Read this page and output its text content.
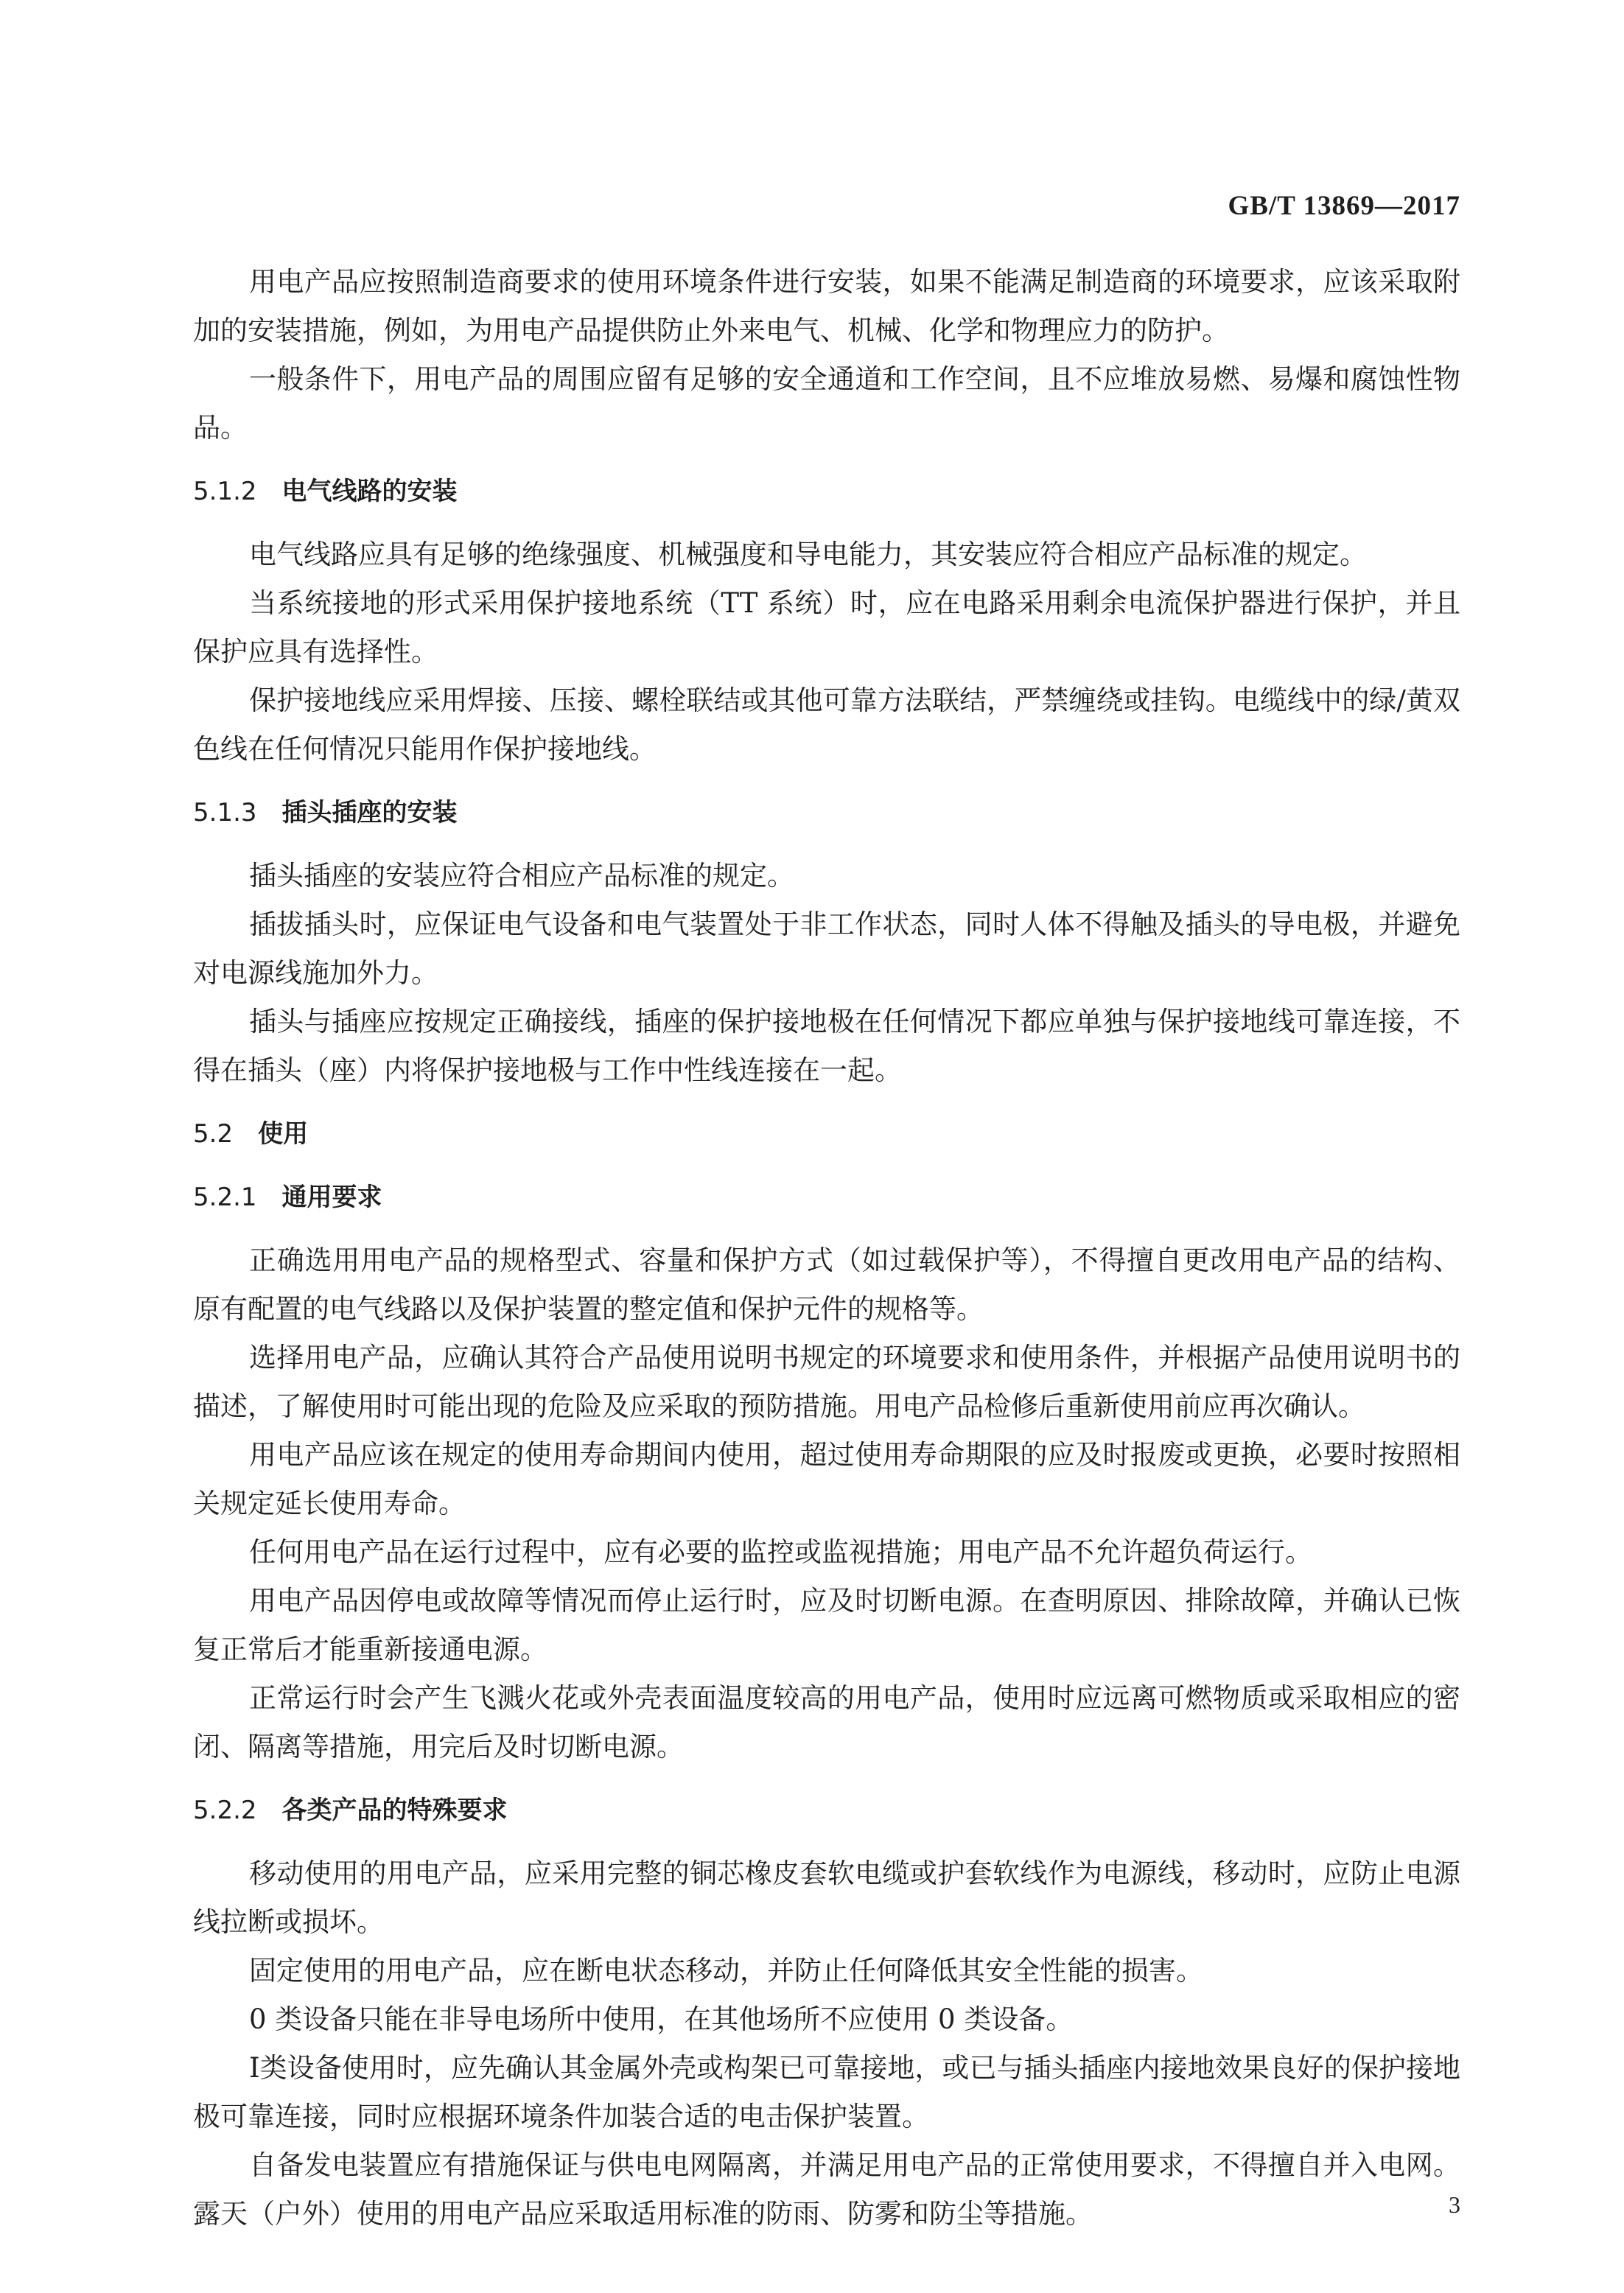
GB/T 13869—2017

用电产品应按照制造商要求的使用环境条件进行安装，如果不能满足制造商的环境要求，应该采取附加的安装措施，例如，为用电产品提供防止外来电气、机械、化学和物理应力的防护。

一般条件下，用电产品的周围应留有足够的安全通道和工作空间，且不应堆放易燃、易爆和腐蚀性物品。

5.1.2 电气线路的安装

电气线路应具有足够的绝缘强度、机械强度和导电能力，其安装应符合相应产品标准的规定。

当系统接地的形式采用保护接地系统（TT 系统）时，应在电路采用剩余电流保护器进行保护，并且保护应具有选择性。

保护接地线应采用焊接、压接、螺栓联结或其他可靠方法联结，严禁缠绕或挂钩。电缆线中的绿/黄双色线在任何情况只能用作保护接地线。

5.1.3 插头插座的安装

插头插座的安装应符合相应产品标准的规定。

插拔插头时，应保证电气设备和电气装置处于非工作状态，同时人体不得触及插头的导电极，并避免对电源线施加外力。

插头与插座应按规定正确接线，插座的保护接地极在任何情况下都应单独与保护接地线可靠连接，不得在插头（座）内将保护接地极与工作中性线连接在一起。

5.2 使用
5.2.1 通用要求

正确选用用电产品的规格型式、容量和保护方式（如过载保护等），不得擅自更改用电产品的结构、原有配置的电气线路以及保护装置的整定值和保护元件的规格等。

选择用电产品，应确认其符合产品使用说明书规定的环境要求和使用条件，并根据产品使用说明书的描述，了解使用时可能出现的危险及应采取的预防措施。用电产品检修后重新使用前应再次确认。

用电产品应该在规定的使用寿命期间内使用，超过使用寿命期限的应及时报废或更换，必要时按照相关规定延长使用寿命。

任何用电产品在运行过程中，应有必要的监控或监视措施；用电产品不允许超负荷运行。

用电产品因停电或故障等情况而停止运行时，应及时切断电源。在查明原因、排除故障，并确认已恢复正常后才能重新接通电源。

正常运行时会产生飞溅火花或外壳表面温度较高的用电产品，使用时应远离可燃物质或采取相应的密闭、隔离等措施，用完后及时切断电源。

5.2.2 各类产品的特殊要求

移动使用的用电产品，应采用完整的铜芯橡皮套软电缆或护套软线作为电源线，移动时，应防止电源线拉断或损坏。

固定使用的用电产品，应在断电状态移动，并防止任何降低其安全性能的损害。

0 类设备只能在非导电场所中使用，在其他场所不应使用 0 类设备。

Ⅰ类设备使用时，应先确认其金属外壳或构架已可靠接地，或已与插头插座内接地效果良好的保护接地极可靠连接，同时应根据环境条件加装合适的电击保护装置。

自备发电装置应有措施保证与供电电网隔离，并满足用电产品的正常使用要求，不得擅自并入电网。露天（户外）使用的用电产品应采取适用标准的防雨、防雾和防尘等措施。	3
